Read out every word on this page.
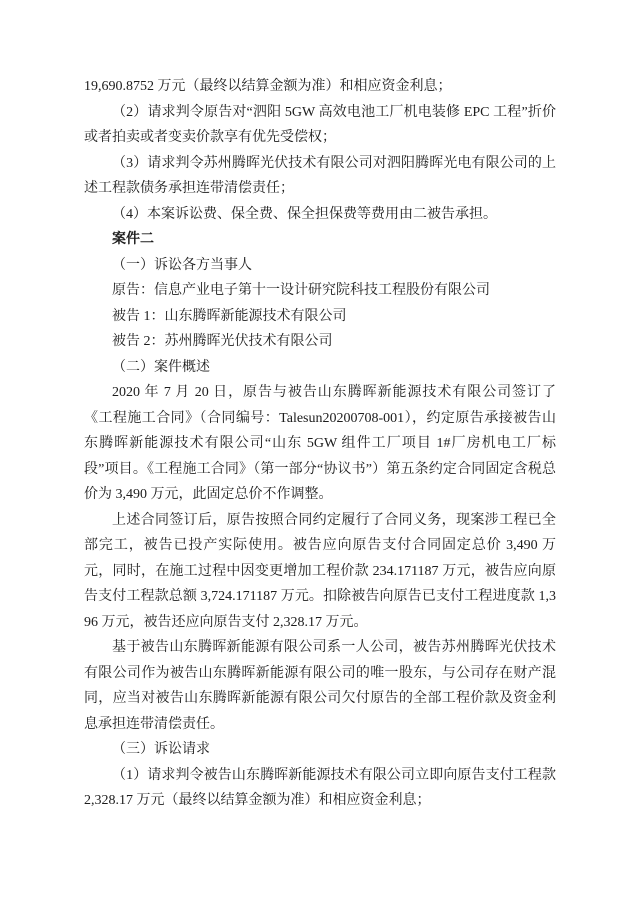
19,690.8752 万元（最终以结算金额为准）和相应资金利息；

（2）请求判令原告对“泗阳 5GW 高效电池工厂机电装修 EPC 工程”折价或者拍卖或者变卖价款享有优先受偿权；

（3）请求判令苏州腾晖光伏技术有限公司对泗阳腾晖光电有限公司的上述工程款债务承担连带清偿责任；

（4）本案诉讼费、保全费、保全担保费等费用由二被告承担。

案件二

（一）诉讼各方当事人

原告：信息产业电子第十一设计研究院科技工程股份有限公司

被告 1：山东腾晖新能源技术有限公司

被告 2：苏州腾晖光伏技术有限公司

（二）案件概述

2020 年 7 月 20 日，原告与被告山东腾晖新能源技术有限公司签订了《工程施工合同》（合同编号：Talesun20200708-001），约定原告承接被告山东腾晖新能源技术有限公司“山东 5GW 组件工厂项目 1#厂房机电工厂标段”项目。《工程施工合同》（第一部分“协议书”）第五条约定合同固定含税总价为 3,490 万元，此固定总价不作调整。

上述合同签订后，原告按照合同约定履行了合同义务，现案涉工程已全部完工，被告已投产实际使用。被告应向原告支付合同固定总价 3,490 万元，同时，在施工过程中因变更增加工程价款 234.171187 万元，被告应向原告支付工程款总额 3,724.171187 万元。扣除被告向原告已支付工程进度款 1,396 万元，被告还应向原告支付 2,328.17 万元。

基于被告山东腾晖新能源有限公司系一人公司，被告苏州腾晖光伏技术有限公司作为被告山东腾晖新能源有限公司的唯一股东，与公司存在财产混同，应当对被告山东腾晖新能源有限公司欠付原告的全部工程价款及资金利息承担连带清偿责任。

（三）诉讼请求

（1）请求判令被告山东腾晖新能源技术有限公司立即向原告支付工程款 2,328.17 万元（最终以结算金额为准）和相应资金利息；
